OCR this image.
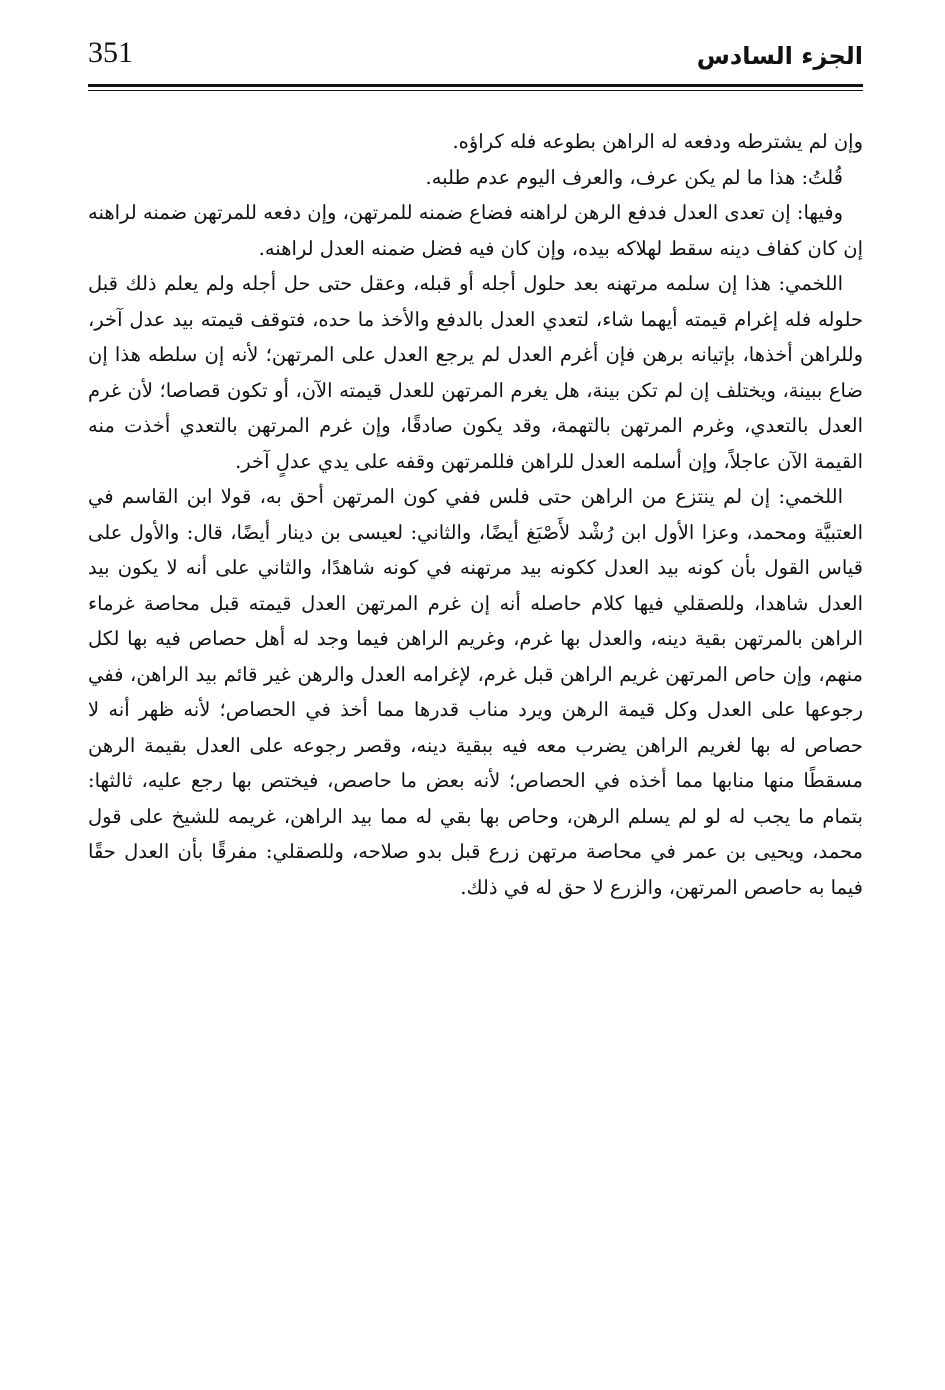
351	الجزء السادس

وإن لم يشترطه ودفعه له الراهن بطوعه فله كراؤه.

قُلتُ: هذا ما لم يكن عرف، والعرف اليوم عدم طلبه.

وفيها: إن تعدى العدل فدفع الرهن لراهنه فضاع ضمنه للمرتهن، وإن دفعه للمرتهن ضمنه لراهنه إن كان كفاف دينه سقط لهلاكه بيده، وإن كان فيه فضل ضمنه العدل لراهنه.

اللخمي: هذا إن سلمه مرتهنه بعد حلول أجله أو قبله، وعقل حتى حل أجله ولم يعلم ذلك قبل حلوله فله إغرام قيمته أيهما شاء، لتعدي العدل بالدفع والأخذ ما حده، فتوقف قيمته بيد عدل آخر، وللراهن أخذها، بإتيانه برهن فإن أغرم العدل لم يرجع العدل على المرتهن؛ لأنه إن سلطه هذا إن ضاع ببينة، ويختلف إن لم تكن بينة، هل يغرم المرتهن للعدل قيمته الآن، أو تكون قصاصا؛ لأن غرم العدل بالتعدي، وغرم المرتهن بالتهمة، وقد يكون صادقًا، وإن غرم المرتهن بالتعدي أخذت منه القيمة الآن عاجلاً، وإن أسلمه العدل للراهن فللمرتهن وقفه على يدي عدلٍ آخر.

اللخمي: إن لم ينتزع من الراهن حتى فلس ففي كون المرتهن أحق به، قولا ابن القاسم في العتبيَّة ومحمد، وعزا الأول ابن رُشْد لأَصْبَغ أيضًا، والثاني: لعيسى بن دينار أيضًا، قال: والأول على قياس القول بأن كونه بيد العدل ككونه بيد مرتهنه في كونه شاهدًا، والثاني على أنه لا يكون بيد العدل شاهدا، وللصقلي فيها كلام حاصله أنه إن غرم المرتهن العدل قيمته قبل محاصة غرماء الراهن بالمرتهن بقية دينه، والعدل بها غرم، وغريم الراهن فيما وجد له أهل حصاص فيه بها لكل منهم، وإن حاص المرتهن غريم الراهن قبل غرم، لإغرامه العدل والرهن غير قائم بيد الراهن، ففي رجوعها على العدل وكل قيمة الرهن ويرد مناب قدرها مما أخذ في الحصاص؛ لأنه ظهر أنه لا حصاص له بها لغريم الراهن يضرب معه فيه ببقية دينه، وقصر رجوعه على العدل بقيمة الرهن مسقطًا منها منابها مما أخذه في الحصاص؛ لأنه بعض ما حاصص، فيختص بها رجع عليه، ثالثها: بتمام ما يجب له لو لم يسلم الرهن، وحاص بها بقي له مما بيد الراهن، غريمه للشيخ على قول محمد، ويحيى بن عمر في محاصة مرتهن زرع قبل بدو صلاحه، وللصقلي: مفرقًا بأن العدل حقًا فيما به حاصص المرتهن، والزرع لا حق له في ذلك.
